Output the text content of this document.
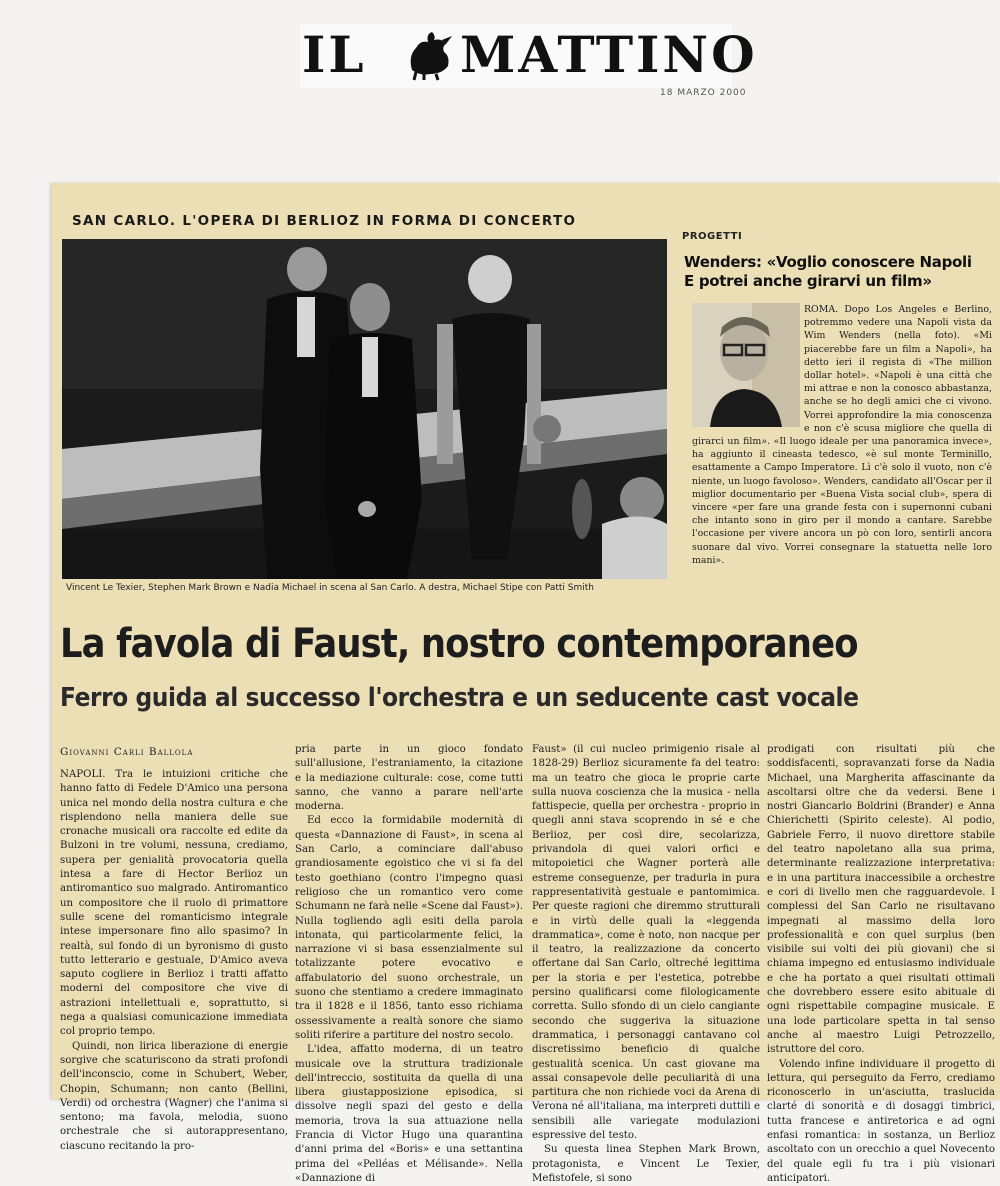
IL MATTINO
18 MARZO 2000
SAN CARLO. L'OPERA DI BERLIOZ IN FORMA DI CONCERTO
Vincent Le Texier, Stephen Mark Brown e Nadia Michael in scena al San Carlo. A destra, Michael Stipe con Patti Smith
PROGETTI
Wenders: «Voglio conoscere Napoli E potrei anche girarvi un film»
ROMA. Dopo Los Angeles e Berlino, potremmo vedere una Napoli vista da Wim Wenders (nella foto). «Mi piacerebbe fare un film a Napoli», ha detto ieri il regista di «The million dollar hotel». «Napoli è una città che mi attrae e non la conosco abbastanza, anche se ho degli amici che ci vivono. Vorrei approfondire la mia conoscenza e non c'è scusa migliore che quella di girarci un film». «Il luogo ideale per una panoramica invece», ha aggiunto il cineasta tedesco, «è sul monte Terminillo, esattamente a Campo Imperatore. Lì c'è solo il vuoto, non c'è niente, un luogo favoloso». Wenders, candidato all'Oscar per il miglior documentario per «Buena Vista social club», spera di vincere «per fare una grande festa con i supernonni cubani che intanto sono in giro per il mondo a cantare. Sarebbe l'occasione per vivere ancora un pò con loro, sentirli ancora suonare dal vivo. Vorrei consegnare la statuetta nelle loro mani».
La favola di Faust, nostro contemporaneo
Ferro guida al successo l'orchestra e un seducente cast vocale
Giovanni Carli Ballola

NAPOLI. Tra le intuizioni critiche che hanno fatto di Fedele D'Amico una persona unica nel mondo della nostra cultura e che risplendono nella maniera delle sue cronache musicali ora raccolte ed edite da Bulzoni in tre volumi, nessuna, crediamo, supera per genialità provocatoria quella intesa a fare di Hector Berlioz un antiromantico suo malgrado. Antiromantico un compositore che il ruolo di primattore sulle scene del romanticismo integrale intese impersonare fino allo spasimo? In realtà, sul fondo di un byronismo di gusto tutto letterario e gestuale, D'Amico aveva saputo cogliere in Berlioz i tratti affatto moderni del compositore che vive di astrazioni intellettuali e, soprattutto, si nega a qualsiasi comunicazione immediata col proprio tempo.

Quindi, non lirica liberazione di energie sorgive che scaturiscono da strati profondi dell'inconscio, come in Schubert, Weber, Chopin, Schumann; non canto (Bellini, Verdi) od orchestra (Wagner) che l'anima si sentono; ma favola, melodia, suono orchestrale che si autorappresentano, ciascuno recitando la pro-

pria parte in un gioco fondato sull'allusione, l'estraniamento, la citazione e la mediazione culturale: cose, come tutti sanno, che vanno a parare nell'arte moderna.

Ed ecco la formidabile modernità di questa «Dannazione di Faust», in scena al San Carlo, a cominciare dall'abuso grandiosamente egoistico che vi si fa del testo goethiano (contro l'impegno quasi religioso che un romantico vero come Schumann ne farà nelle «Scene dal Faust»). Nulla togliendo agli esiti della parola intonata, qui particolarmente felici, la narrazione vi si basa essenzialmente sul totalizzante potere evocativo e affabulatorio del suono orchestrale, un suono che stentiamo a credere immaginato tra il 1828 e il 1856, tanto esso richiama ossessivamente a realtà sonore che siamo soliti riferire a partiture del nostro secolo.

L'idea, affatto moderna, di un teatro musicale ove la struttura tradizionale dell'intreccio, sostituita da quella di una libera giustapposizione episodica, si dissolve negli spazi del gesto e della memoria, trova la sua attuazione nella Francia di Victor Hugo una quarantina d'anni prima del «Boris» e una settantina prima del «Pelléas et Mélisande». Nella «Dannazione di

Faust» (il cui nucleo primigenio risale al 1828-29) Berlioz sicuramente fa del teatro: ma un teatro che gioca le proprie carte sulla nuova coscienza che la musica - nella fattispecie, quella per orchestra - proprio in quegli anni stava scoprendo in sé e che Berlioz, per così dire, secolarizza, privandola di quei valori orfici e mitopoietici che Wagner porterà alle estreme conseguenze, per tradurla in pura rappresentatività gestuale e pantomimica. Per queste ragioni che diremmo strutturali e in virtù delle quali la «leggenda drammatica», come è noto, non nacque per il teatro, la realizzazione da concerto offertane dal San Carlo, oltreché legittima per la storia e per l'estetica, potrebbe persino qualificarsi come filologicamente corretta. Sullo sfondo di un cielo cangiante secondo che suggeriva la situazione drammatica, i personaggi cantavano col discretissimo beneficio di qualche gestualità scenica. Un cast giovane ma assai consapevole delle peculiarità di una partitura che non richiede voci da Arena di Verona né all'italiana, ma interpreti duttili e sensibili alle variegate modulazioni espressive del testo.

Su questa linea Stephen Mark Brown, protagonista, e Vincent Le Texier, Mefistofele, si sono

prodigati con risultati più che soddisfacenti, sopravanzati forse da Nadia Michael, una Margherita affascinante da ascoltarsi oltre che da vedersi. Bene i nostri Giancarlo Boldrini (Brander) e Anna Chierichetti (Spirito celeste). Al podio, Gabriele Ferro, il nuovo direttore stabile del teatro napoletano alla sua prima, determinante realizzazione interpretativa: e in una partitura inaccessibile a orchestre e cori di livello men che ragguardevole. I complessi del San Carlo ne risultavano impegnati al massimo della loro professionalità e con quel surplus (ben visibile sui volti dei più giovani) che si chiama impegno ed entusiasmo individuale e che ha portato a quei risultati ottimali che dovrebbero essere esito abituale di ogni rispettabile compagine musicale. E una lode particolare spetta in tal senso anche al maestro Luigi Petrozzello, istruttore del coro.

Volendo infine individuare il progetto di lettura, qui perseguito da Ferro, crediamo riconoscerlo in un'asciutta, traslucida clarté di sonorità e di dosaggi timbrici, tutta francese e antiretorica e ad ogni enfasi romantica: in sostanza, un Berlioz ascoltato con un orecchio a quel Novecento del quale egli fu tra i più visionari anticipatori.
